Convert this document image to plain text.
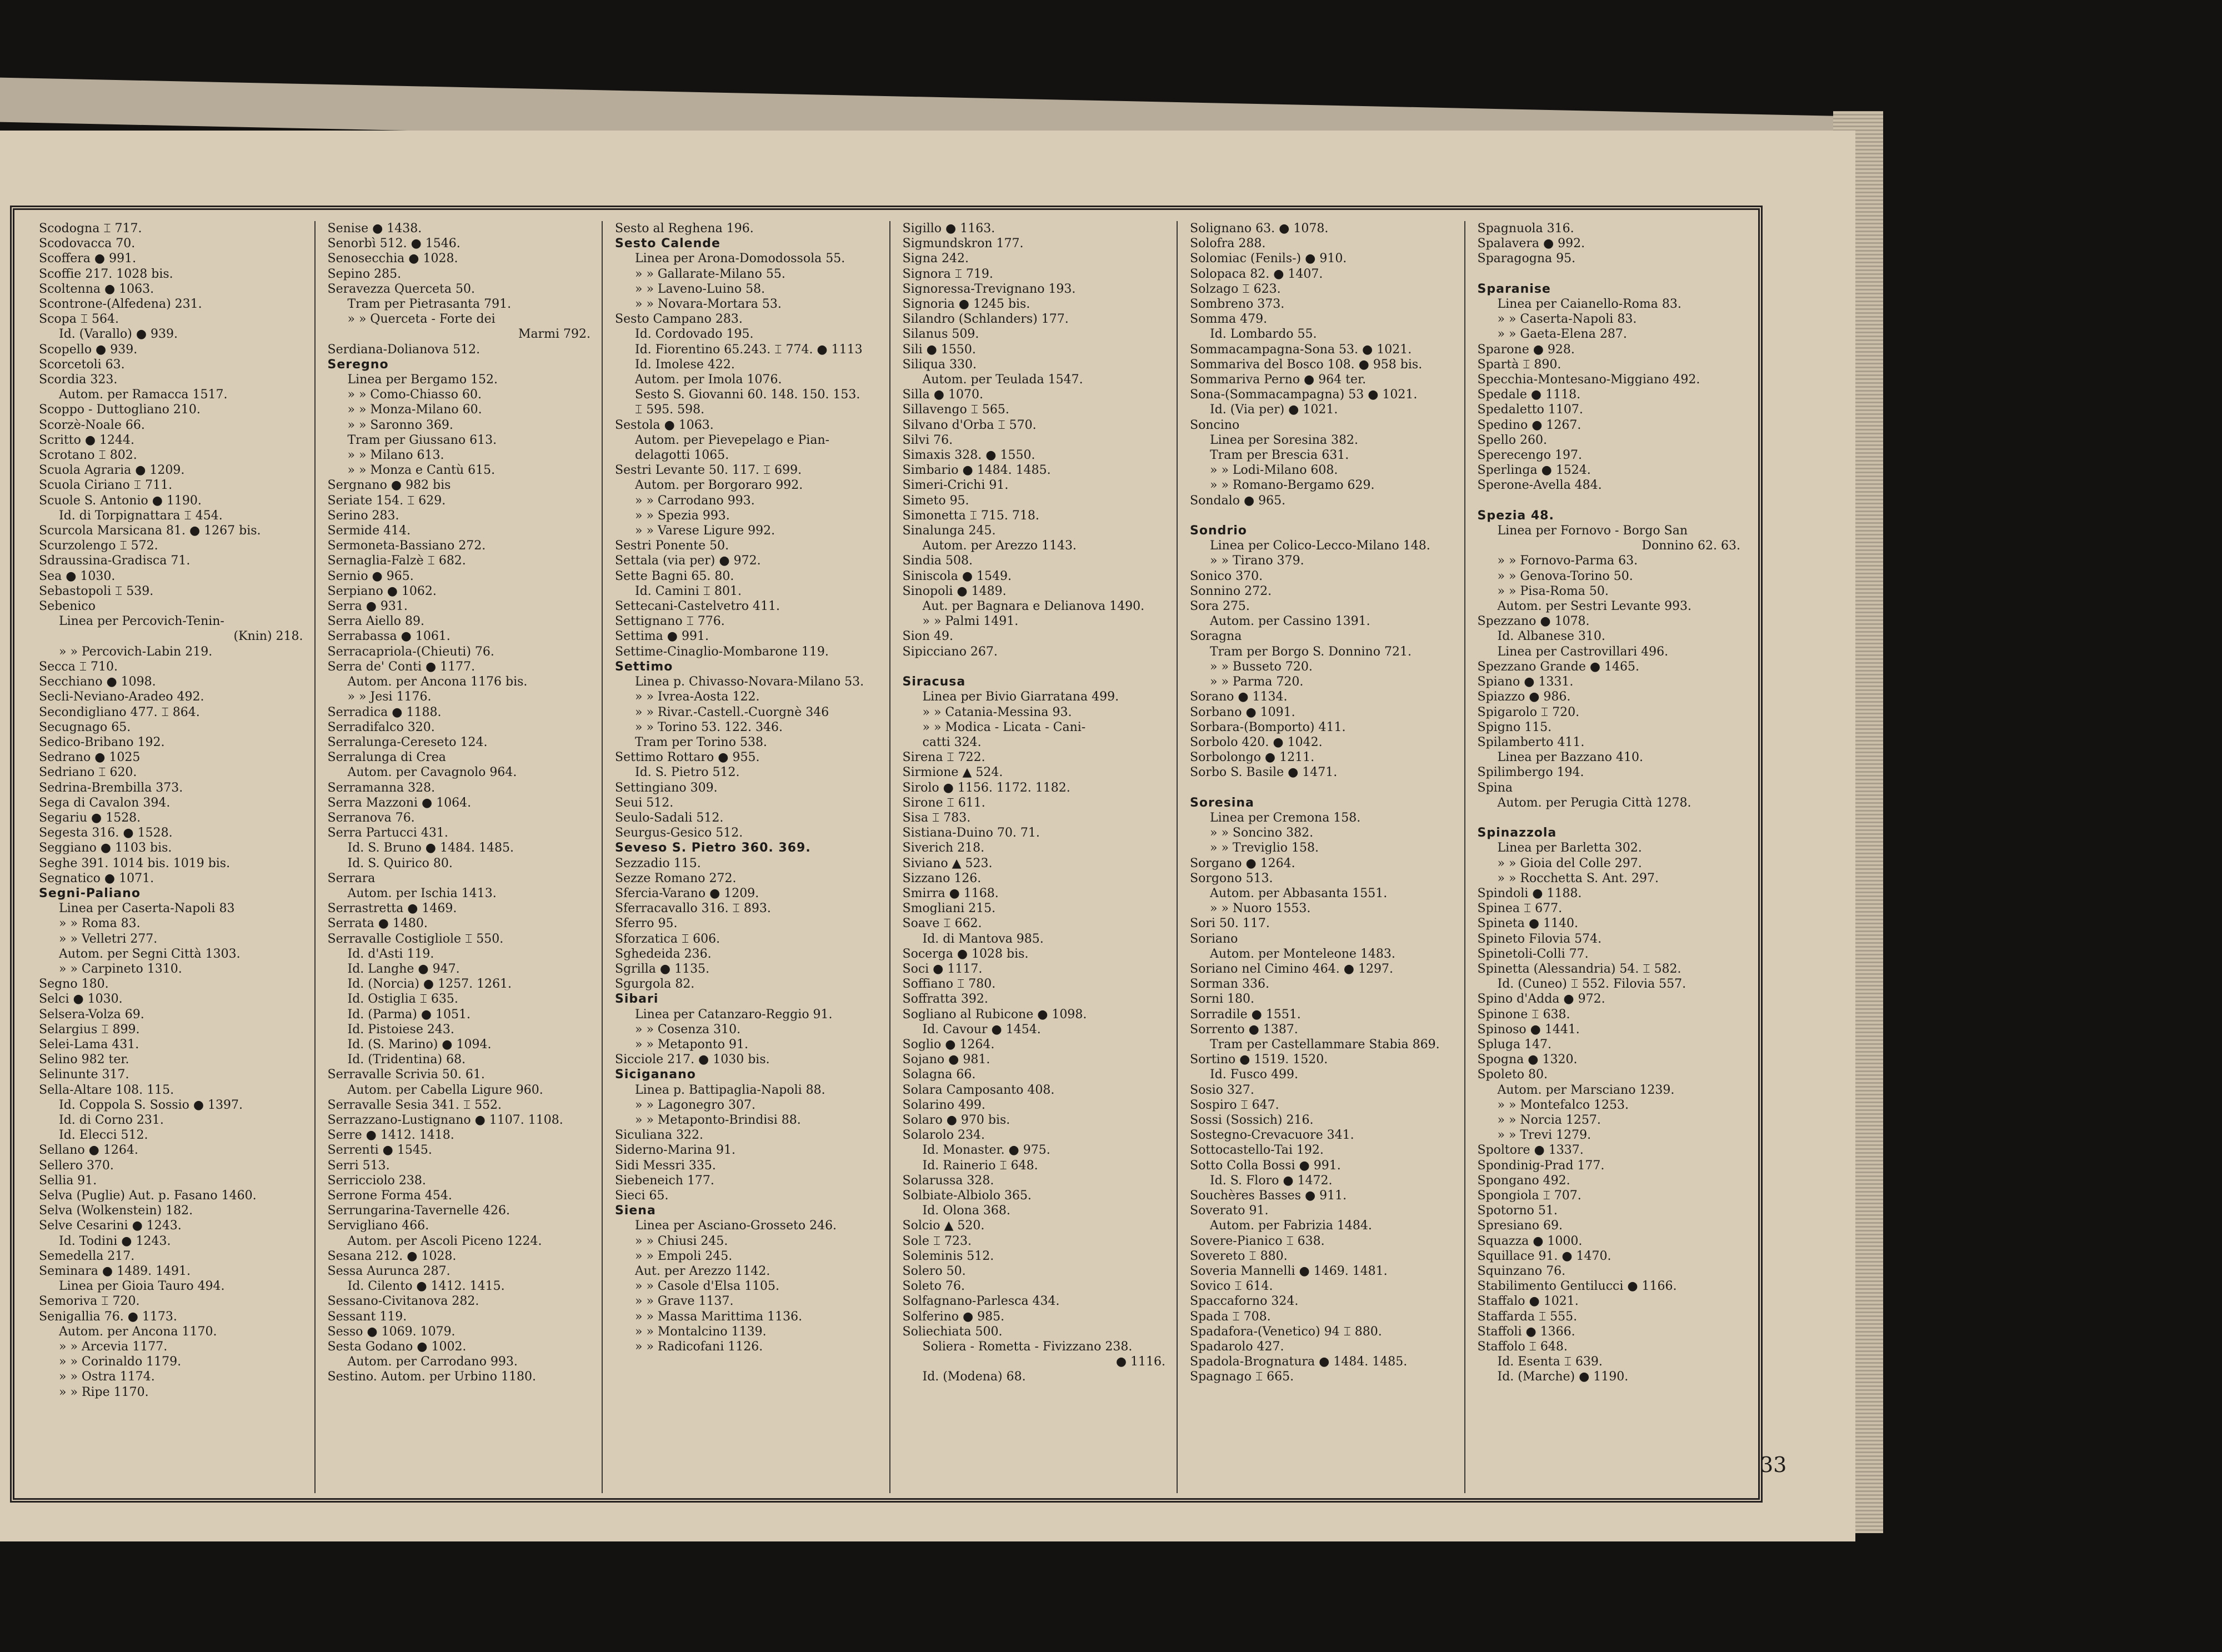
Scodogna ⌶ 717.
Scodovacca 70.
Scoffera ● 991.
Scoffie 217. 1028 bis.
Scoltenna ● 1063.
Scontrone-(Alfedena) 231.
Scopa ⌶ 564.
Id. (Varallo) ● 939.
Scopello ● 939.
Scorcetoli 63.
Scordia 323.
Autom. per Ramacca 1517.
Scoppo - Duttogliano 210.
Scorzè-Noale 66.
Scritto ● 1244.
Scrotano ⌶ 802.
Scuola Agraria ● 1209.
Scuola Ciriano ⌶ 711.
Scuole S. Antonio ● 1190.
Id. di Torpignattara ⌶ 454.
Scurcola Marsicana 81. ● 1267 bis.
Scurzolengo ⌶ 572.
Sdraussina-Gradisca 71.
Sea ● 1030.
Sebastopoli ⌶ 539.
Sebenico
Linea per Percovich-Tenin-
(Knin) 218.
» » Percovich-Labin 219.
Secca ⌶ 710.
Secchiano ● 1098.
Secli-Neviano-Aradeo 492.
Secondigliano 477. ⌶ 864.
Secugnago 65.
Sedico-Bribano 192.
Sedrano ● 1025
Sedriano ⌶ 620.
Sedrina-Brembilla 373.
Sega di Cavalon 394.
Segariu ● 1528.
Segesta 316. ● 1528.
Seggiano ● 1103 bis.
Seghe 391. 1014 bis. 1019 bis.
Segnatico ● 1071.
Segni-Paliano
Linea per Caserta-Napoli 83
» » Roma 83.
» » Velletri 277.
Autom. per Segni Città 1303.
» » Carpineto 1310.
Segno 180.
Selci ● 1030.
Selsera-Volza 69.
Selargius ⌶ 899.
Selei-Lama 431.
Selino 982 ter.
Selinunte 317.
Sella-Altare 108. 115.
Id. Coppola S. Sossio ● 1397.
Id. di Corno 231.
Id. Elecci 512.
Sellano ● 1264.
Sellero 370.
Sellia 91.
Selva (Puglie) Aut. p. Fasano 1460.
Selva (Wolkenstein) 182.
Selve Cesarini ● 1243.
Id. Todini ● 1243.
Semedella 217.
Seminara ● 1489. 1491.
Linea per Gioia Tauro 494.
Semoriva ⌶ 720.
Senigallia 76. ● 1173.
Autom. per Ancona 1170.
» » Arcevia 1177.
» » Corinaldo 1179.
» » Ostra 1174.
» » Ripe 1170.
Senise ● 1438.
Senorbì 512. ● 1546.
Senosecchia ● 1028.
Sepino 285.
Seravezza Querceta 50.
Tram per Pietrasanta 791.
» » Querceta - Forte dei
Marmi 792.
Serdiana-Dolianova 512.
Seregno
Linea per Bergamo 152.
» » Como-Chiasso 60.
» » Monza-Milano 60.
» » Saronno 369.
Tram per Giussano 613.
» » Milano 613.
» » Monza e Cantù 615.
Sergnano ● 982 bis
Seriate 154. ⌶ 629.
Serino 283.
Sermide 414.
Sermoneta-Bassiano 272.
Sernaglia-Falzè ⌶ 682.
Sernio ● 965.
Serpiano ● 1062.
Serra ● 931.
Serra Aiello 89.
Serrabassa ● 1061.
Serracapriola-(Chieuti) 76.
Serra de' Conti ● 1177.
Autom. per Ancona 1176 bis.
» » Jesi 1176.
Serradica ● 1188.
Serradifalco 320.
Serralunga-Cereseto 124.
Serralunga di Crea
Autom. per Cavagnolo 964.
Serramanna 328.
Serra Mazzoni ● 1064.
Serranova 76.
Serra Partucci 431.
Id. S. Bruno ● 1484. 1485.
Id. S. Quirico 80.
Serrara
Autom. per Ischia 1413.
Serrastretta ● 1469.
Serrata ● 1480.
Serravalle Costigliole ⌶ 550.
Id. d'Asti 119.
Id. Langhe ● 947.
Id. (Norcia) ● 1257. 1261.
Id. Ostiglia ⌶ 635.
Id. (Parma) ● 1051.
Id. Pistoiese 243.
Id. (S. Marino) ● 1094.
Id. (Tridentina) 68.
Serravalle Scrivia 50. 61.
Autom. per Cabella Ligure 960.
Serravalle Sesia 341. ⌶ 552.
Serrazzano-Lustignano ● 1107. 1108.
Serre ● 1412. 1418.
Serrenti ● 1545.
Serri 513.
Serricciolo 238.
Serrone Forma 454.
Serrungarina-Tavernelle 426.
Servigliano 466.
Autom. per Ascoli Piceno 1224.
Sesana 212. ● 1028.
Sessa Aurunca 287.
Id. Cilento ● 1412. 1415.
Sessano-Civitanova 282.
Sessant 119.
Sesso ● 1069. 1079.
Sesta Godano ● 1002.
Autom. per Carrodano 993.
Sestino. Autom. per Urbino 1180.
Sesto al Reghena 196.
Sesto Calende
Linea per Arona-Domodossola 55.
» » Gallarate-Milano 55.
» » Laveno-Luino 58.
» » Novara-Mortara 53.
Sesto Campano 283.
Id. Cordovado 195.
Id. Fiorentino 65.243. ⌶ 774. ● 1113
Id. Imolese 422.
Autom. per Imola 1076.
Sesto S. Giovanni 60. 148. 150. 153.
⌶ 595. 598.
Sestola ● 1063.
Autom. per Pievepelago e Pian-
delagotti 1065.
Sestri Levante 50. 117. ⌶ 699.
Autom. per Borgoraro 992.
» » Carrodano 993.
» » Spezia 993.
» » Varese Ligure 992.
Sestri Ponente 50.
Settala (via per) ● 972.
Sette Bagni 65. 80.
Id. Camini ⌶ 801.
Settecani-Castelvetro 411.
Settignano ⌶ 776.
Settima ● 991.
Settime-Cinaglio-Mombarone 119.
Settimo
Linea p. Chivasso-Novara-Milano 53.
» » Ivrea-Aosta 122.
» » Rivar.-Castell.-Cuorgnè 346
» » Torino 53. 122. 346.
Tram per Torino 538.
Settimo Rottaro ● 955.
Id. S. Pietro 512.
Settingiano 309.
Seui 512.
Seulo-Sadali 512.
Seurgus-Gesico 512.
Seveso S. Pietro 360. 369.
Sezzadio 115.
Sezze Romano 272.
Sfercia-Varano ● 1209.
Sferracavallo 316. ⌶ 893.
Sferro 95.
Sforzatica ⌶ 606.
Sghedeida 236.
Sgrilla ● 1135.
Sgurgola 82.
Sibari
Linea per Catanzaro-Reggio 91.
» » Cosenza 310.
» » Metaponto 91.
Sicciole 217. ● 1030 bis.
Siciganano
Linea p. Battipaglia-Napoli 88.
» » Lagonegro 307.
» » Metaponto-Brindisi 88.
Siculiana 322.
Siderno-Marina 91.
Sidi Messri 335.
Siebeneich 177.
Sieci 65.
Siena
Linea per Asciano-Grosseto 246.
» » Chiusi 245.
» » Empoli 245.
Aut. per Arezzo 1142.
» » Casole d'Elsa 1105.
» » Grave 1137.
» » Massa Marittima 1136.
» » Montalcino 1139.
» » Radicofani 1126.
Sigillo ● 1163.
Sigmundskron 177.
Signa 242.
Signora ⌶ 719.
Signoressa-Trevignano 193.
Signoria ● 1245 bis.
Silandro (Schlanders) 177.
Silanus 509.
Sili ● 1550.
Siliqua 330.
Autom. per Teulada 1547.
Silla ● 1070.
Sillavengo ⌶ 565.
Silvano d'Orba ⌶ 570.
Silvi 76.
Simaxis 328. ● 1550.
Simbario ● 1484. 1485.
Simeri-Crichi 91.
Simeto 95.
Simonetta ⌶ 715. 718.
Sinalunga 245.
Autom. per Arezzo 1143.
Sindia 508.
Siniscola ● 1549.
Sinopoli ● 1489.
Aut. per Bagnara e Delianova 1490.
» » Palmi 1491.
Sion 49.
Sipicciano 267.

Siracusa
Linea per Bivio Giarratana 499.
» » Catania-Messina 93.
» » Modica - Licata - Cani-
catti 324.
Sirena ⌶ 722.
Sirmione ▲ 524.
Sirolo ● 1156. 1172. 1182.
Sirone ⌶ 611.
Sisa ⌶ 783.
Sistiana-Duino 70. 71.
Siverich 218.
Siviano ▲ 523.
Sizzano 126.
Smirra ● 1168.
Smogliani 215.
Soave ⌶ 662.
Id. di Mantova 985.
Socerga ● 1028 bis.
Soci ● 1117.
Soffiano ⌶ 780.
Soffratta 392.
Sogliano al Rubicone ● 1098.
Id. Cavour ● 1454.
Soglio ● 1264.
Sojano ● 981.
Solagna 66.
Solara Camposanto 408.
Solarino 499.
Solaro ● 970 bis.
Solarolo 234.
Id. Monaster. ● 975.
Id. Rainerio ⌶ 648.
Solarussa 328.
Solbiate-Albiolo 365.
Id. Olona 368.
Solcio ▲ 520.
Sole ⌶ 723.
Soleminis 512.
Solero 50.
Soleto 76.
Solfagnano-Parlesca 434.
Solferino ● 985.
Soliechiata 500.
Soliera - Rometta - Fivizzano 238.
● 1116.
Id. (Modena) 68.
Solignano 63. ● 1078.
Solofra 288.
Solomiac (Fenils-) ● 910.
Solopaca 82. ● 1407.
Solzago ⌶ 623.
Sombreno 373.
Somma 479.
Id. Lombardo 55.
Sommacampagna-Sona 53. ● 1021.
Sommariva del Bosco 108. ● 958 bis.
Sommariva Perno ● 964 ter.
Sona-(Sommacampagna) 53 ● 1021.
Id. (Via per) ● 1021.
Soncino
Linea per Soresina 382.
Tram per Brescia 631.
» » Lodi-Milano 608.
» » Romano-Bergamo 629.
Sondalo ● 965.

Sondrio
Linea per Colico-Lecco-Milano 148.
» » Tirano 379.
Sonico 370.
Sonnino 272.
Sora 275.
Autom. per Cassino 1391.
Soragna
Tram per Borgo S. Donnino 721.
» » Busseto 720.
» » Parma 720.
Sorano ● 1134.
Sorbano ● 1091.
Sorbara-(Bomporto) 411.
Sorbolo 420. ● 1042.
Sorbolongo ● 1211.
Sorbo S. Basile ● 1471.

Soresina
Linea per Cremona 158.
» » Soncino 382.
» » Treviglio 158.
Sorgano ● 1264.
Sorgono 513.
Autom. per Abbasanta 1551.
» » Nuoro 1553.
Sori 50. 117.
Soriano
Autom. per Monteleone 1483.
Soriano nel Cimino 464. ● 1297.
Sorman 336.
Sorni 180.
Sorradile ● 1551.
Sorrento ● 1387.
Tram per Castellammare Stabia 869.
Sortino ● 1519. 1520.
Id. Fusco 499.
Sosio 327.
Sospiro ⌶ 647.
Sossi (Sossich) 216.
Sostegno-Crevacuore 341.
Sottocastello-Tai 192.
Sotto Colla Bossi ● 991.
Id. S. Floro ● 1472.
Souchères Basses ● 911.
Soverato 91.
Autom. per Fabrizia 1484.
Sovere-Pianico ⌶ 638.
Sovereto ⌶ 880.
Soveria Mannelli ● 1469. 1481.
Sovico ⌶ 614.
Spaccaforno 324.
Spada ⌶ 708.
Spadafora-(Venetico) 94 ⌶ 880.
Spadarolo 427.
Spadola-Brognatura ● 1484. 1485.
Spagnago ⌶ 665.
Spagnuola 316.
Spalavera ● 992.
Sparagogna 95.

Sparanise
Linea per Caianello-Roma 83.
» » Caserta-Napoli 83.
» » Gaeta-Elena 287.
Sparone ● 928.
Spartà ⌶ 890.
Specchia-Montesano-Miggiano 492.
Spedale ● 1118.
Spedaletto 1107.
Spedino ● 1267.
Spello 260.
Sperecengo 197.
Sperlinga ● 1524.
Sperone-Avella 484.

Spezia 48.
Linea per Fornovo - Borgo San
Donnino 62. 63.
» » Fornovo-Parma 63.
» » Genova-Torino 50.
» » Pisa-Roma 50.
Autom. per Sestri Levante 993.
Spezzano ● 1078.
Id. Albanese 310.
Linea per Castrovillari 496.
Spezzano Grande ● 1465.
Spiano ● 1331.
Spiazzo ● 986.
Spigarolo ⌶ 720.
Spigno 115.
Spilamberto 411.
Linea per Bazzano 410.
Spilimbergo 194.
Spina
Autom. per Perugia Città 1278.

Spinazzola
Linea per Barletta 302.
» » Gioia del Colle 297.
» » Rocchetta S. Ant. 297.
Spindoli ● 1188.
Spinea ⌶ 677.
Spineta ● 1140.
Spineto Filovia 574.
Spinetoli-Colli 77.
Spinetta (Alessandria) 54. ⌶ 582.
Id. (Cuneo) ⌶ 552. Filovia 557.
Spino d'Adda ● 972.
Spinone ⌶ 638.
Spinoso ● 1441.
Spluga 147.
Spogna ● 1320.
Spoleto 80.
Autom. per Marsciano 1239.
» » Montefalco 1253.
» » Norcia 1257.
» » Trevi 1279.
Spoltore ● 1337.
Spondinig-Prad 177.
Spongano 492.
Spongiola ⌶ 707.
Spotorno 51.
Spresiano 69.
Squazza ● 1000.
Squillace 91. ● 1470.
Squinzano 76.
Stabilimento Gentilucci ● 1166.
Staffalo ● 1021.
Staffarda ⌶ 555.
Staffoli ● 1366.
Staffolo ⌶ 648.
Id. Esenta ⌶ 639.
Id. (Marche) ● 1190.
33
